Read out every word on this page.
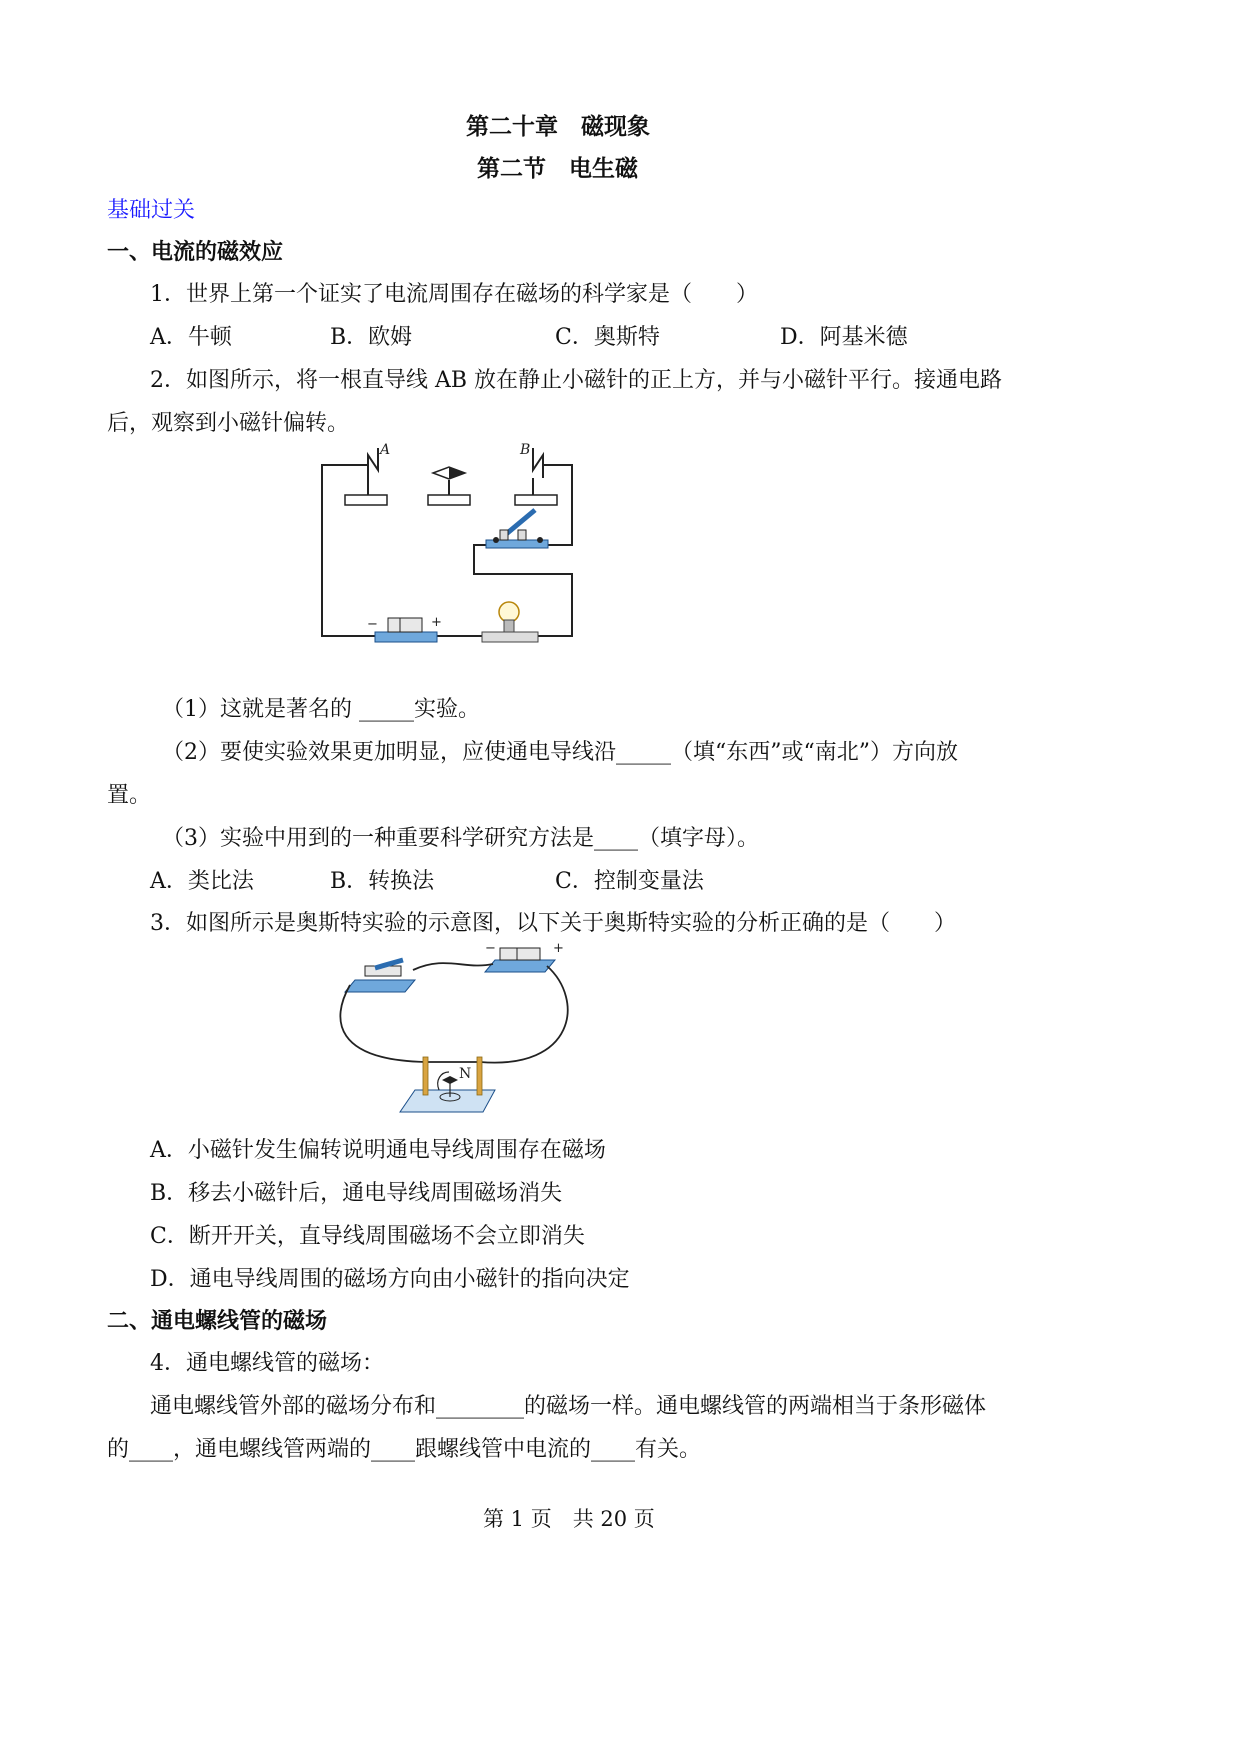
第二十章　磁现象
第二节　电生磁
基础过关
一、电流的磁效应
1．世界上第一个证实了电流周围存在磁场的科学家是（　　）
A．牛顿	B．欧姆	C．奥斯特	D．阿基米德
2．如图所示，将一根直导线 AB 放在静止小磁针的正上方，并与小磁针平行。接通电路
后，观察到小磁针偏转。
−	+
A	B
（1）这就是著名的 _____实验。
（2）要使实验效果更加明显，应使通电导线沿_____（填“东西”或“南北”）方向放
置。
（3）实验中用到的一种重要科学研究方法是____（填字母）。
A．类比法	B．转换法	C．控制变量法
3．如图所示是奥斯特实验的示意图，以下关于奥斯特实验的分析正确的是（　　）
−	+
N
A．小磁针发生偏转说明通电导线周围存在磁场
B．移去小磁针后，通电导线周围磁场消失
C．断开开关，直导线周围磁场不会立即消失
D．通电导线周围的磁场方向由小磁针的指向决定
二、通电螺线管的磁场
4．通电螺线管的磁场：
通电螺线管外部的磁场分布和________的磁场一样。通电螺线管的两端相当于条形磁体
的____，通电螺线管两端的____跟螺线管中电流的____有关。
第 1 页　共 20 页
